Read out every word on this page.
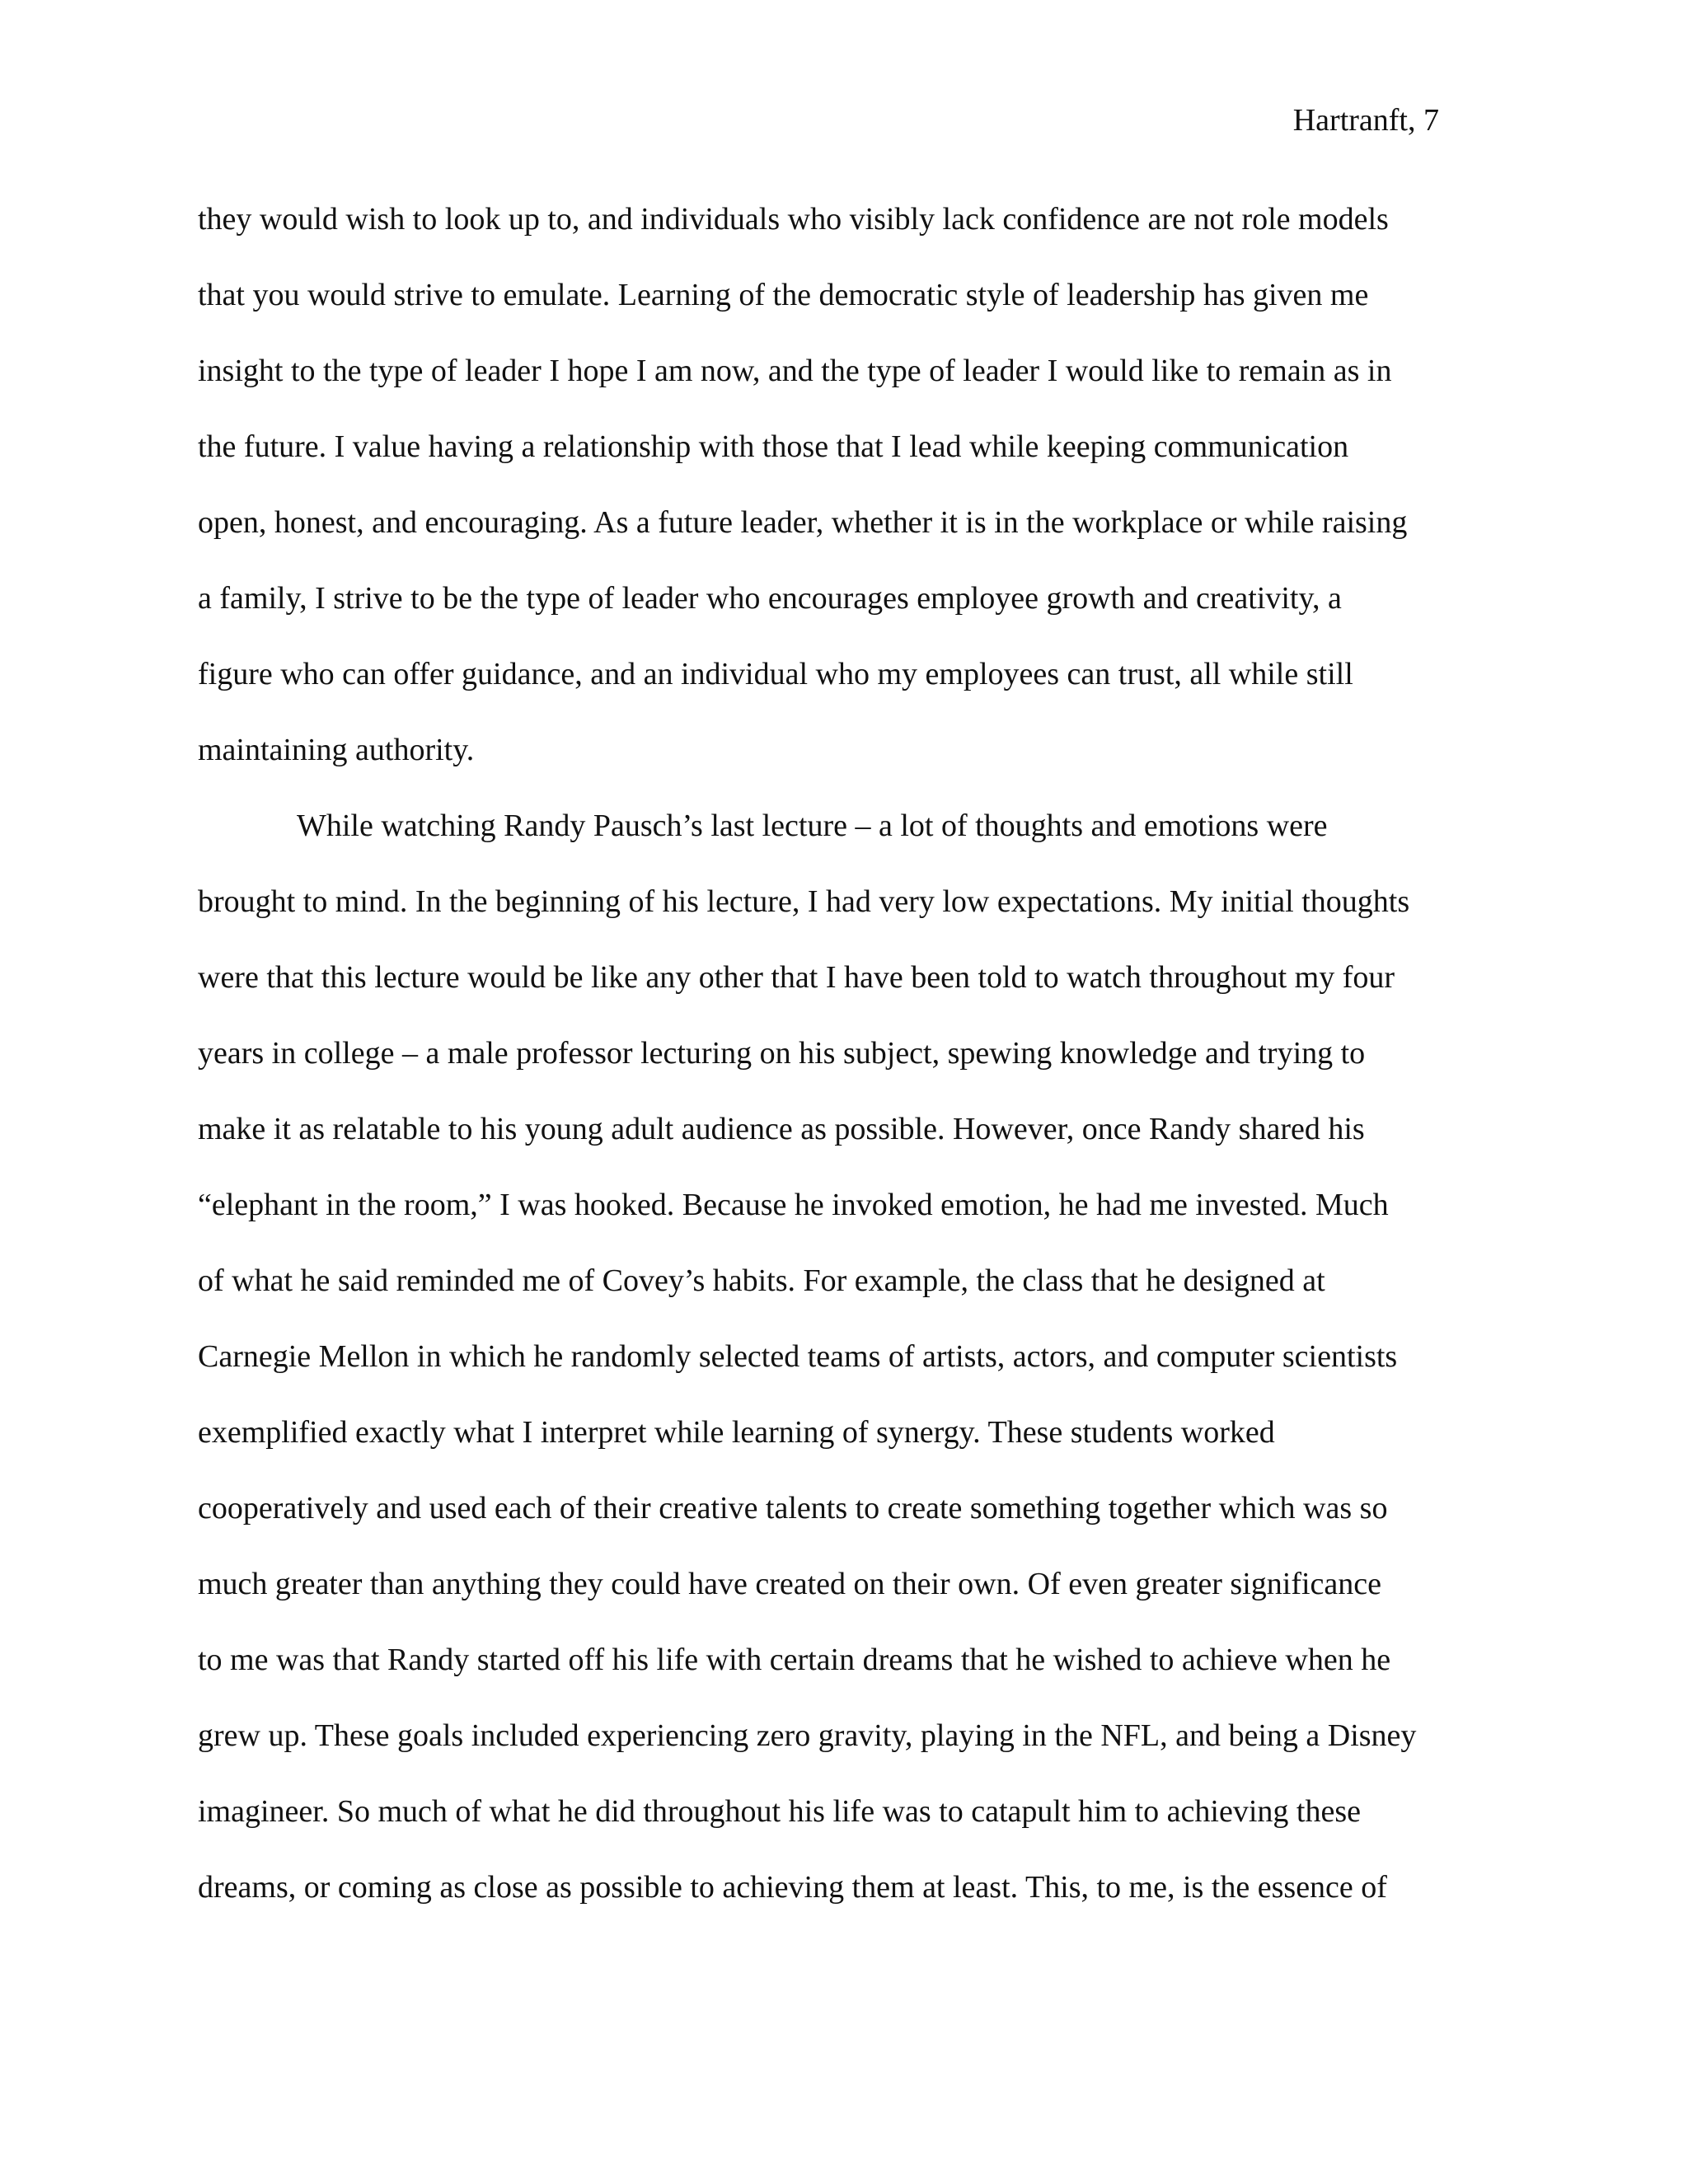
Hartranft, 7
they would wish to look up to, and individuals who visibly lack confidence are not role models
that you would strive to emulate. Learning of the democratic style of leadership has given me
insight to the type of leader I hope I am now, and the type of leader I would like to remain as in
the future. I value having a relationship with those that I lead while keeping communication
open, honest, and encouraging. As a future leader, whether it is in the workplace or while raising
a family, I strive to be the type of leader who encourages employee growth and creativity, a
figure who can offer guidance, and an individual who my employees can trust, all while still
maintaining authority.
While watching Randy Pausch’s last lecture – a lot of thoughts and emotions were
brought to mind. In the beginning of his lecture, I had very low expectations. My initial thoughts
were that this lecture would be like any other that I have been told to watch throughout my four
years in college – a male professor lecturing on his subject, spewing knowledge and trying to
make it as relatable to his young adult audience as possible. However, once Randy shared his
“elephant in the room,” I was hooked. Because he invoked emotion, he had me invested. Much
of what he said reminded me of Covey’s habits. For example, the class that he designed at
Carnegie Mellon in which he randomly selected teams of artists, actors, and computer scientists
exemplified exactly what I interpret while learning of synergy. These students worked
cooperatively and used each of their creative talents to create something together which was so
much greater than anything they could have created on their own. Of even greater significance
to me was that Randy started off his life with certain dreams that he wished to achieve when he
grew up. These goals included experiencing zero gravity, playing in the NFL, and being a Disney
imagineer. So much of what he did throughout his life was to catapult him to achieving these
dreams, or coming as close as possible to achieving them at least. This, to me, is the essence of
